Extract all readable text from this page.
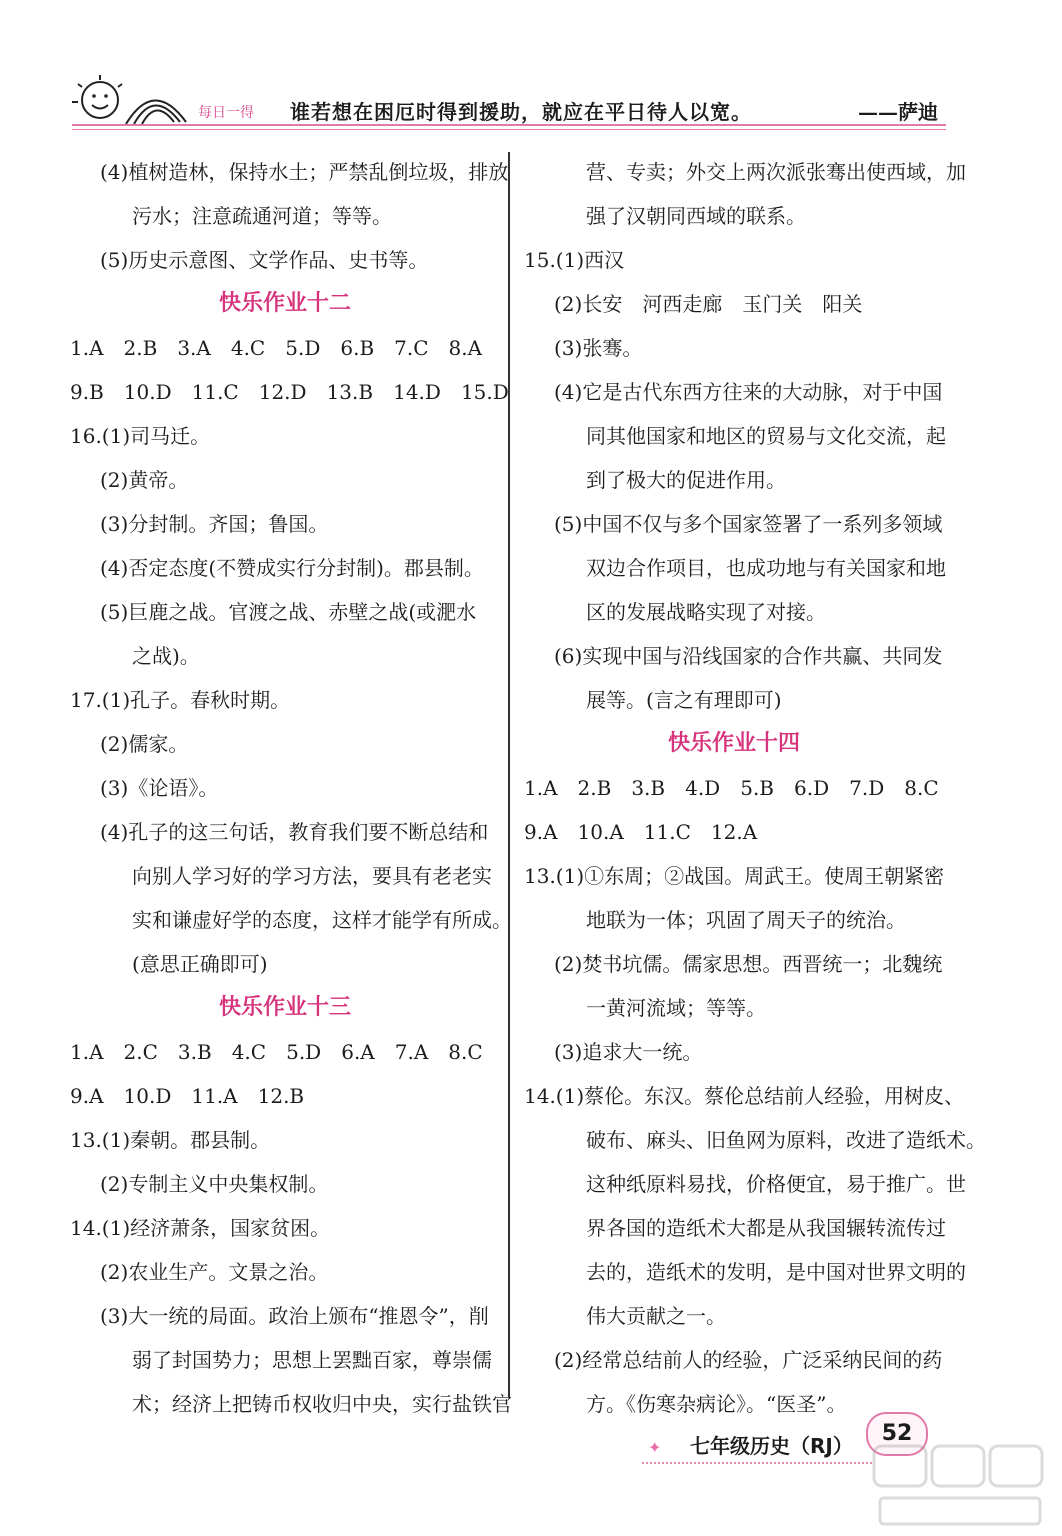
每日一得 谁若想在困厄时得到援助，就应在平日待人以宽。	——萨迪
(4)植树造林，保持水土；严禁乱倒垃圾，排放
污水；注意疏通河道；等等。
(5)历史示意图、文学作品、史书等。
快乐作业十二
1.A 2.B 3.A 4.C 5.D 6.B 7.C 8.A
9.B 10.D 11.C 12.D 13.B 14.D 15.D
16.(1)司马迁。
(2)黄帝。
(3)分封制。齐国；鲁国。
(4)否定态度(不赞成实行分封制)。郡县制。
(5)巨鹿之战。官渡之战、赤壁之战(或淝水
之战)。
17.(1)孔子。春秋时期。
(2)儒家。
(3)《论语》。
(4)孔子的这三句话，教育我们要不断总结和
向别人学习好的学习方法，要具有老老实
实和谦虚好学的态度，这样才能学有所成。
(意思正确即可)
快乐作业十三
1.A 2.C 3.B 4.C 5.D 6.A 7.A 8.C
9.A 10.D 11.A 12.B
13.(1)秦朝。郡县制。
(2)专制主义中央集权制。
14.(1)经济萧条，国家贫困。
(2)农业生产。文景之治。
(3)大一统的局面。政治上颁布“推恩令”，削
弱了封国势力；思想上罢黜百家，尊崇儒
术；经济上把铸币权收归中央，实行盐铁官
营、专卖；外交上两次派张骞出使西域，加
强了汉朝同西域的联系。
15.(1)西汉
(2)长安　河西走廊　玉门关　阳关
(3)张骞。
(4)它是古代东西方往来的大动脉，对于中国
同其他国家和地区的贸易与文化交流，起
到了极大的促进作用。
(5)中国不仅与多个国家签署了一系列多领域
双边合作项目，也成功地与有关国家和地
区的发展战略实现了对接。
(6)实现中国与沿线国家的合作共赢、共同发
展等。(言之有理即可)
快乐作业十四
1.A 2.B 3.B 4.D 5.B 6.D 7.D 8.C
9.A 10.A 11.C 12.A
13.(1)①东周；②战国。周武王。使周王朝紧密
地联为一体；巩固了周天子的统治。
(2)焚书坑儒。儒家思想。西晋统一；北魏统
一黄河流域；等等。
(3)追求大一统。
14.(1)蔡伦。东汉。蔡伦总结前人经验，用树皮、
破布、麻头、旧鱼网为原料，改进了造纸术。
这种纸原料易找，价格便宜，易于推广。世
界各国的造纸术大都是从我国辗转流传过
去的，造纸术的发明，是中国对世界文明的
伟大贡献之一。
(2)经常总结前人的经验，广泛采纳民间的药
方。《伤寒杂病论》。“医圣”。
✦ 七年级历史（RJ）	52
